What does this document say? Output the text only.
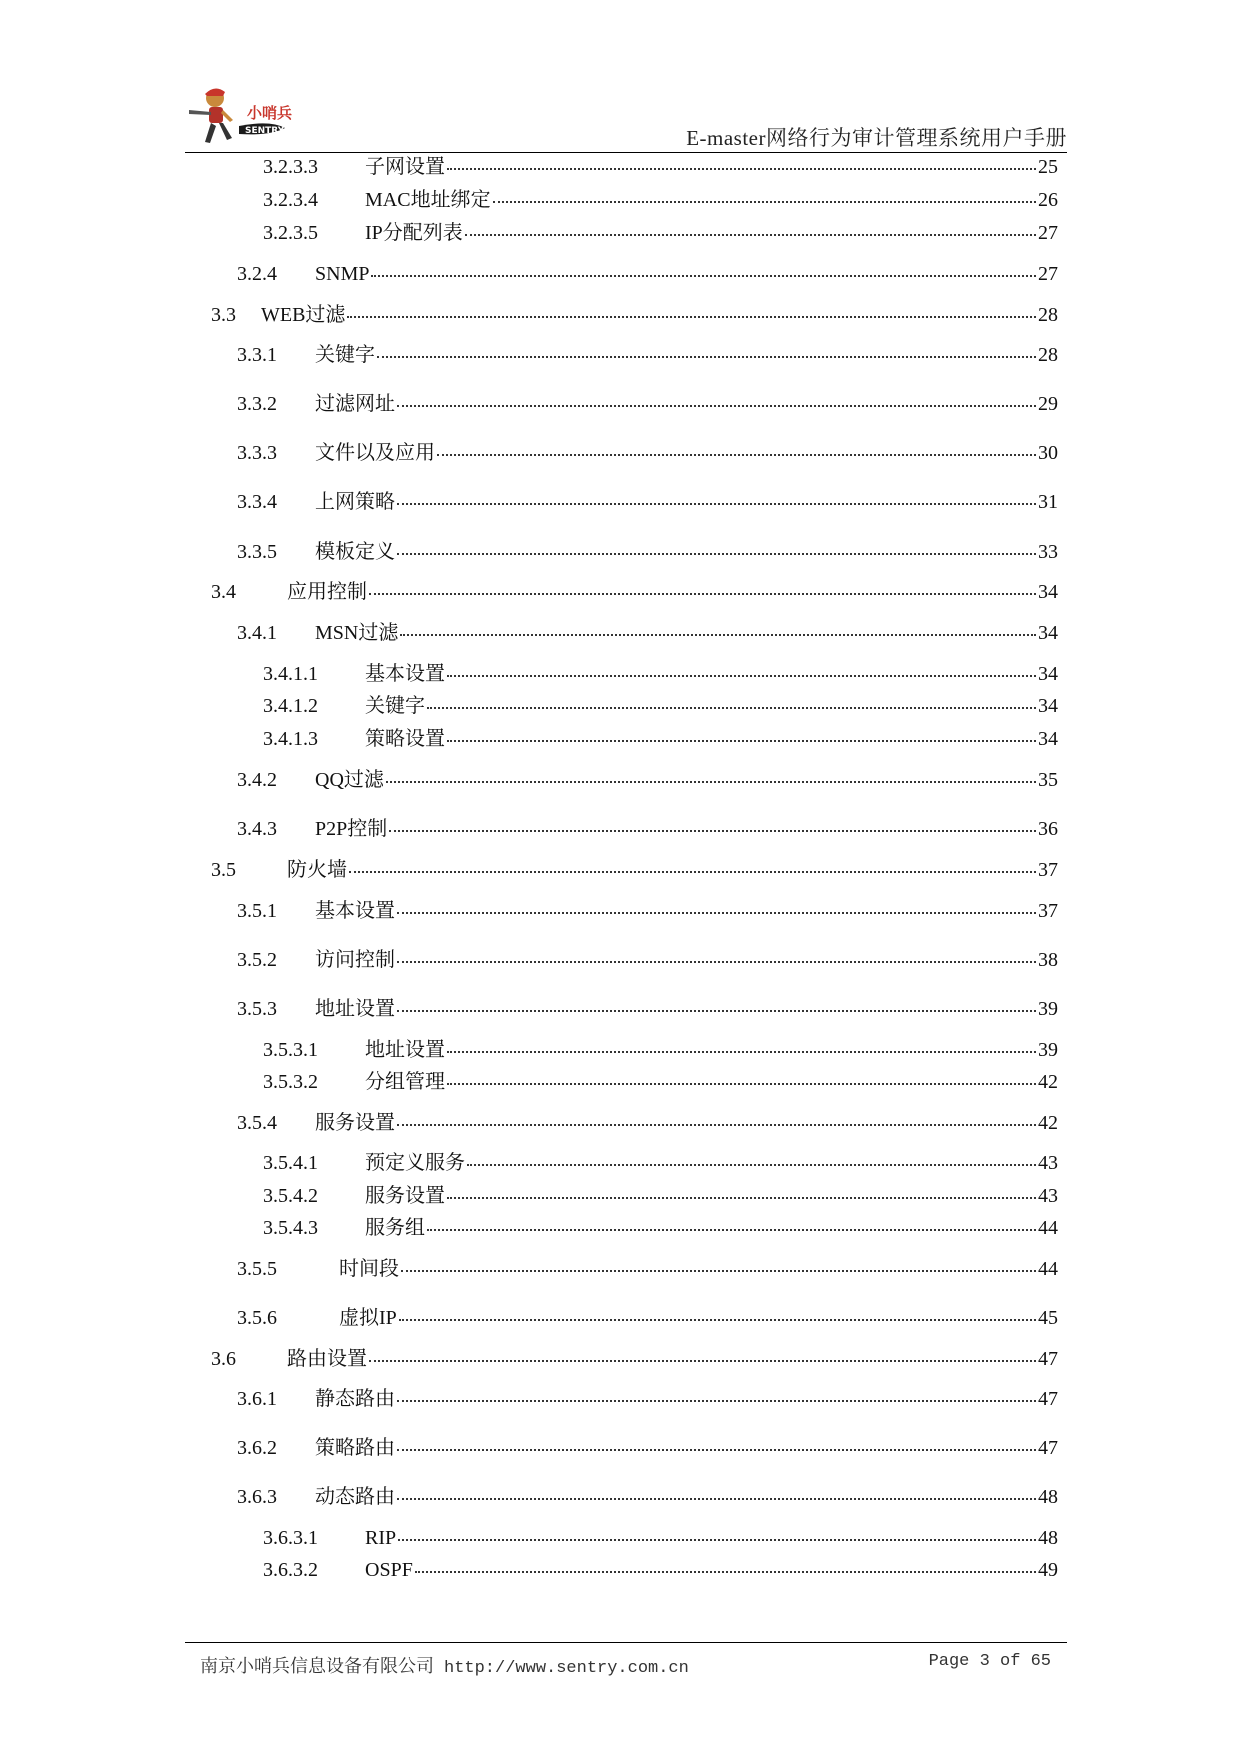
小哨兵
SENTRY	E-master网络行为审计管理系统用户手册
3.2.3.3	子网设置	25
3.2.3.4	MAC地址绑定	26
3.2.3.5	IP分配列表	27
3.2.4	SNMP	27
3.3	WEB过滤	28
3.3.1	关键字	28
3.3.2	过滤网址	29
3.3.3	文件以及应用	30
3.3.4	上网策略	31
3.3.5	模板定义	33
3.4	应用控制	34
3.4.1	MSN过滤	34
3.4.1.1	基本设置	34
3.4.1.2	关键字	34
3.4.1.3	策略设置	34
3.4.2	QQ过滤	35
3.4.3	P2P控制	36
3.5	防火墙	37
3.5.1	基本设置	37
3.5.2	访问控制	38
3.5.3	地址设置	39
3.5.3.1	地址设置	39
3.5.3.2	分组管理	42
3.5.4	服务设置	42
3.5.4.1	预定义服务	43
3.5.4.2	服务设置	43
3.5.4.3	服务组	44
3.5.5	时间段	44
3.5.6	虚拟IP	45
3.6	路由设置	47
3.6.1	静态路由	47
3.6.2	策略路由	47
3.6.3	动态路由	48
3.6.3.1	RIP	48
3.6.3.2	OSPF	49
南京小哨兵信息设备有限公司 http://www.sentry.com.cn	Page 3 of 65
